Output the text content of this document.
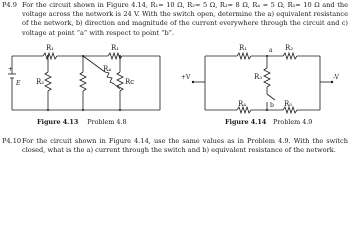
P4.9 For the circuit shown in Figure 4.14, R₁= 10 Ω, R₂= 5 Ω, R₃= 8 Ω, R₄ = 5 Ω, R₅= 10 Ω and the voltage across the network is 24 V. With the switch open, determine the a) equivalent resistance of the network, b) direction and magnitude of the current everywhere through the circuit and c) voltage at point “a” with respect to point “b”.
R₁	R₁
R₂
R₄
Rᴄ
+
E
R₁	R₂
R₃
R₄	R₅
a
b
+V	-V
Figure 4.13 Problem 4.8	Figure 4.14 Problem 4.9
P4.10 For the circuit shown in Figure 4.14, use the same values as in Problem 4.9. With the switch closed, what is the a) current through the switch and b) equivalent resistance of the network.
